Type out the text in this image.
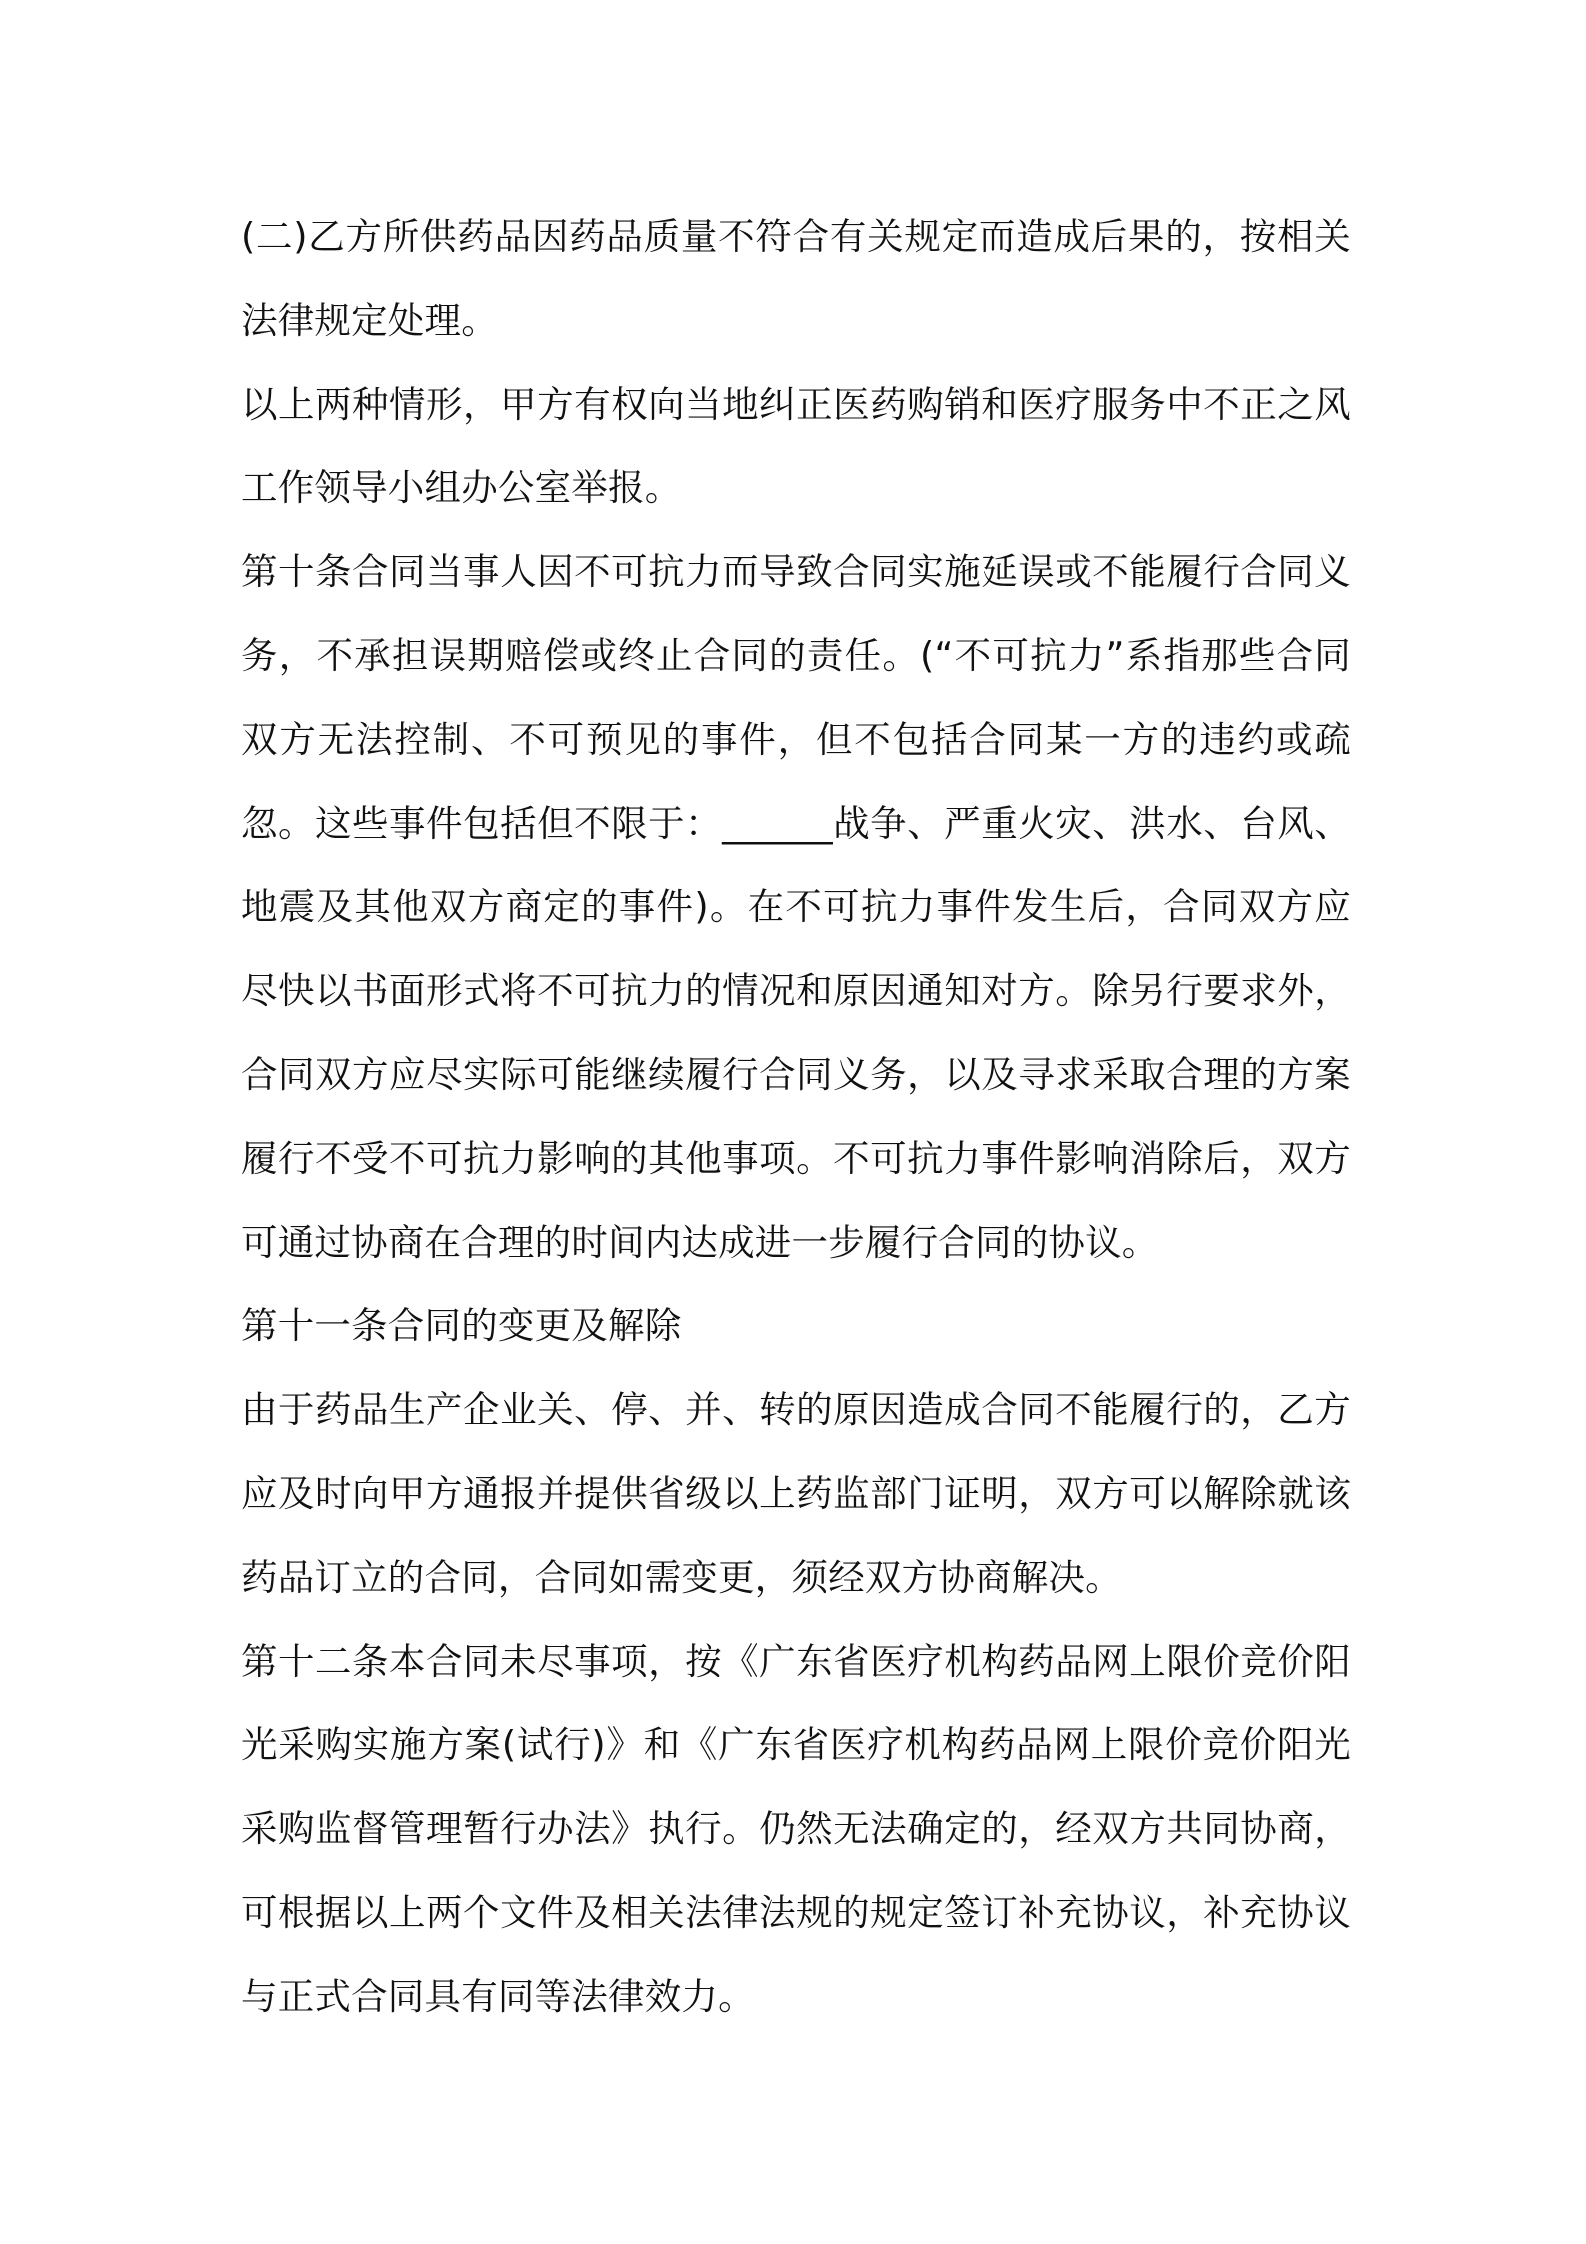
(二)乙方所供药品因药品质量不符合有关规定而造成后果的，按相关法律规定处理。

以上两种情形，甲方有权向当地纠正医药购销和医疗服务中不正之风工作领导小组办公室举报。

第十条合同当事人因不可抗力而导致合同实施延误或不能履行合同义务，不承担误期赔偿或终止合同的责任。(“不可抗力”系指那些合同双方无法控制、不可预见的事件，但不包括合同某一方的违约或疏忽。这些事件包括但不限于：______战争、严重火灾、洪水、台风、地震及其他双方商定的事件)。在不可抗力事件发生后，合同双方应尽快以书面形式将不可抗力的情况和原因通知对方。除另行要求外，合同双方应尽实际可能继续履行合同义务，以及寻求采取合理的方案履行不受不可抗力影响的其他事项。不可抗力事件影响消除后，双方可通过协商在合理的时间内达成进一步履行合同的协议。

第十一条合同的变更及解除

由于药品生产企业关、停、并、转的原因造成合同不能履行的，乙方应及时向甲方通报并提供省级以上药监部门证明，双方可以解除就该药品订立的合同，合同如需变更，须经双方协商解决。

第十二条本合同未尽事项，按《广东省医疗机构药品网上限价竞价阳光采购实施方案(试行)》和《广东省医疗机构药品网上限价竞价阳光采购监督管理暂行办法》执行。仍然无法确定的，经双方共同协商，可根据以上两个文件及相关法律法规的规定签订补充协议，补充协议与正式合同具有同等法律效力。
